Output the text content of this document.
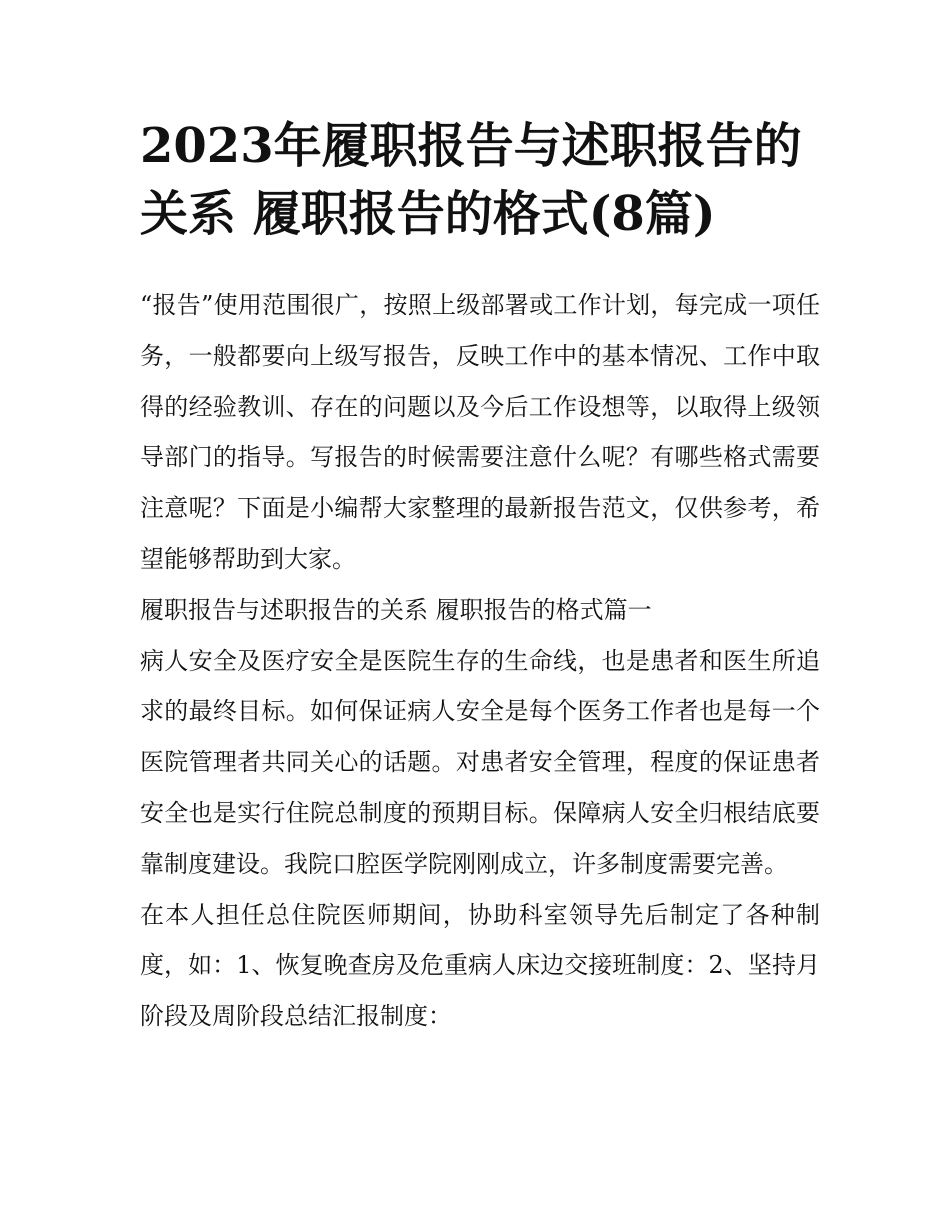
2023年履职报告与述职报告的关系 履职报告的格式(8篇)

“报告”使用范围很广，按照上级部署或工作计划，每完成一项任务，一般都要向上级写报告，反映工作中的基本情况、工作中取得的经验教训、存在的问题以及今后工作设想等，以取得上级领导部门的指导。写报告的时候需要注意什么呢？有哪些格式需要注意呢？下面是小编帮大家整理的最新报告范文，仅供参考，希望能够帮助到大家。

履职报告与述职报告的关系 履职报告的格式篇一

病人安全及医疗安全是医院生存的生命线，也是患者和医生所追求的最终目标。如何保证病人安全是每个医务工作者也是每一个医院管理者共同关心的话题。对患者安全管理，程度的保证患者安全也是实行住院总制度的预期目标。保障病人安全归根结底要靠制度建设。我院口腔医学院刚刚成立，许多制度需要完善。

在本人担任总住院医师期间，协助科室领导先后制定了各种制度，如：1、恢复晚查房及危重病人床边交接班制度：2、坚持月阶段及周阶段总结汇报制度：
